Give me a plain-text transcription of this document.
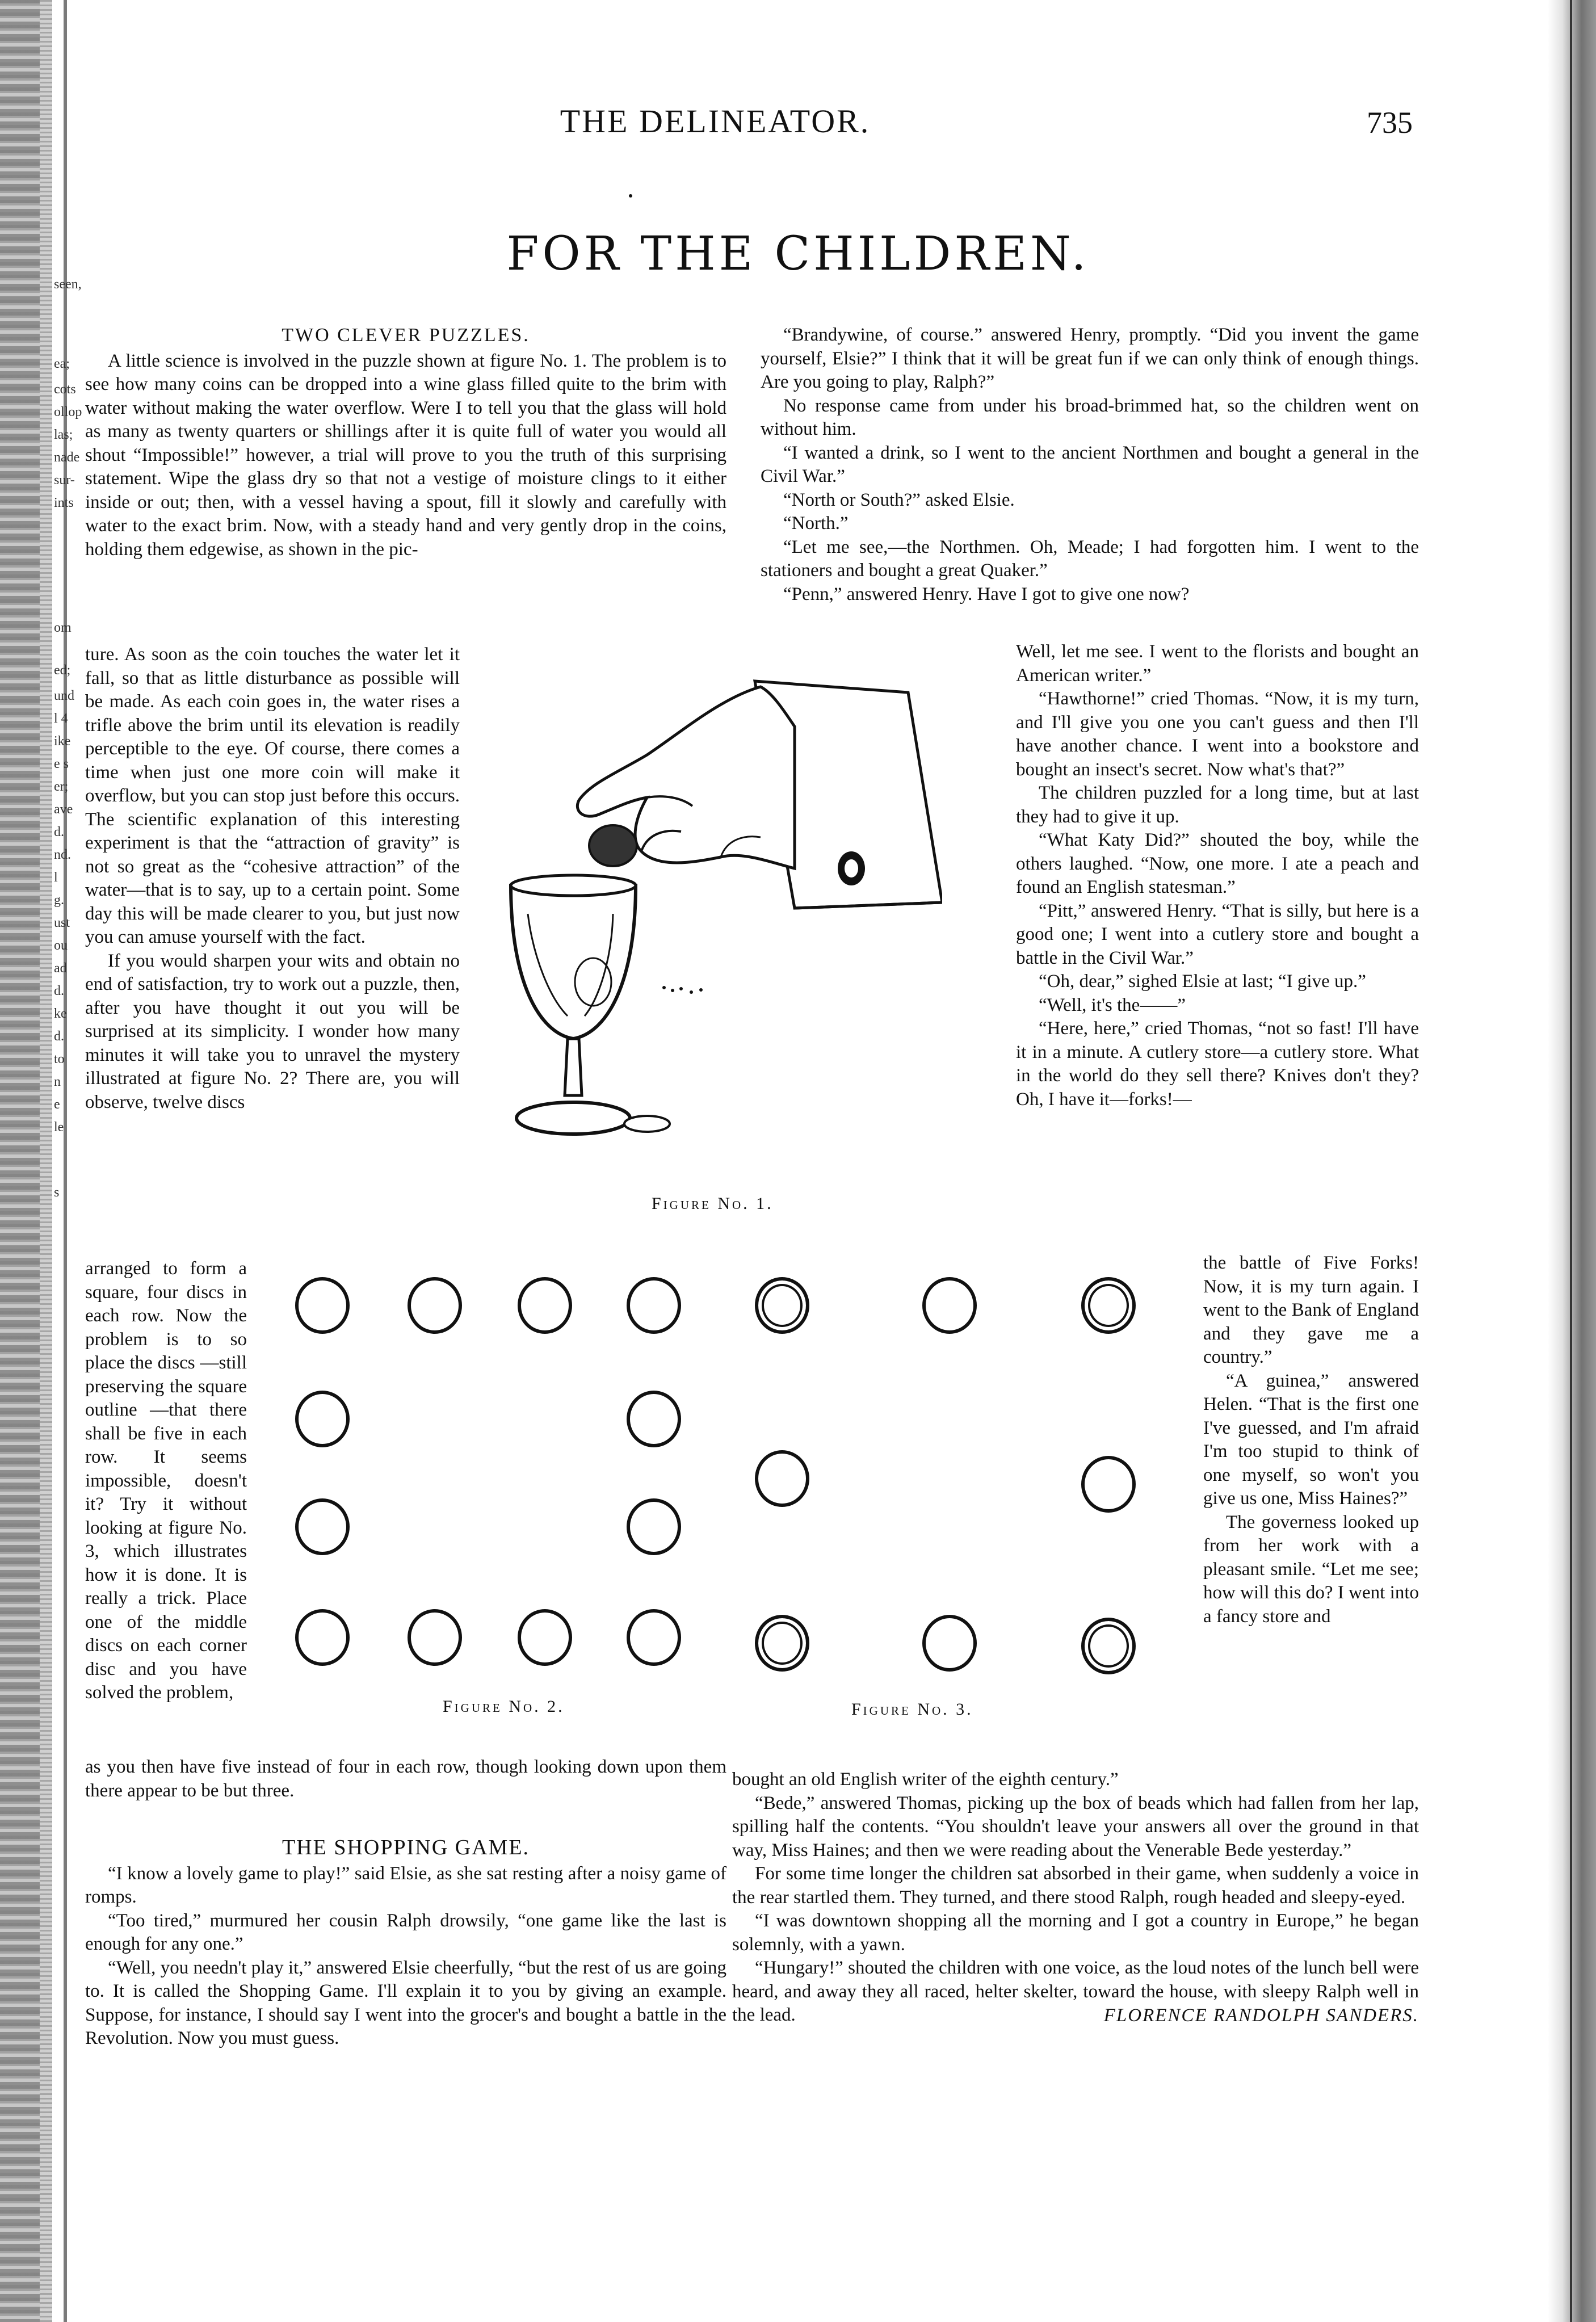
seen,
ea;
cots
ollop
las;
nade
sur-
ints
om
ed;
und
l 4
ike
e s
er;
ave
d.
nd.
l
g.
ust
ou
ad
d.
ke
d.
to
n
e
le
s
THE DELINEATOR.	735
FOR THE CHILDREN.
TWO CLEVER PUZZLES.

A little science is involved in the puzzle shown at figure No. 1. The problem is to see how many coins can be dropped into a wine glass filled quite to the brim with water without making the water overflow. Were I to tell you that the glass will hold as many as twenty quarters or shillings after it is quite full of water you would all shout “Impossible!” however, a trial will prove to you the truth of this surprising statement. Wipe the glass dry so that not a vestige of moisture clings to it either inside or out; then, with a vessel having a spout, fill it slowly and carefully with water to the exact brim. Now, with a steady hand and very gently drop in the coins, holding them edgewise, as shown in the pic-

ture. As soon as the coin touches the water let it fall, so that as little disturbance as possible will be made. As each coin goes in, the water rises a trifle above the brim until its elevation is readily perceptible to the eye. Of course, there comes a time when just one more coin will make it overflow, but you can stop just before this occurs. The scientific explanation of this interesting experiment is that the “attraction of gravity” is not so great as the “cohesive attraction” of the water—that is to say, up to a certain point. Some day this will be made clearer to you, but just now you can amuse yourself with the fact.

If you would sharpen your wits and obtain no end of satisfaction, try to work out a puzzle, then, after you have thought it out you will be surprised at its simplicity. I wonder how many minutes it will take you to unravel the mystery illustrated at figure No. 2? There are, you will observe, twelve discs

arranged to form a square, four discs in each row. Now the problem is to so place the discs —still preserving the square outline —that there shall be five in each row. It seems impossible, doesn't it? Try it without looking at figure No. 3, which illustrates how it is done. It is really a trick. Place one of the middle discs on each corner disc and you have solved the problem,

as you then have five instead of four in each row, though looking down upon them there appear to be but three.

Figure No. 1.
Figure No. 2.	Figure No. 3.
THE SHOPPING GAME.

“I know a lovely game to play!” said Elsie, as she sat resting after a noisy game of romps.

“Too tired,” murmured her cousin Ralph drowsily, “one game like the last is enough for any one.”

“Well, you needn't play it,” answered Elsie cheerfully, “but the rest of us are going to. It is called the Shopping Game. I'll explain it to you by giving an example. Suppose, for instance, I should say I went into the grocer's and bought a battle in the Revolution. Now you must guess.

“Brandywine, of course.” answered Henry, promptly. “Did you invent the game yourself, Elsie?” I think that it will be great fun if we can only think of enough things. Are you going to play, Ralph?”

No response came from under his broad-brimmed hat, so the children went on without him.

“I wanted a drink, so I went to the ancient Northmen and bought a general in the Civil War.”

“North or South?” asked Elsie.

“North.”

“Let me see,—the Northmen. Oh, Meade; I had forgotten him. I went to the stationers and bought a great Quaker.”

“Penn,” answered Henry. Have I got to give one now?

Well, let me see. I went to the florists and bought an American writer.”

“Hawthorne!” cried Thomas. “Now, it is my turn, and I'll give you one you can't guess and then I'll have another chance. I went into a bookstore and bought an insect's secret. Now what's that?”

The children puzzled for a long time, but at last they had to give it up.

“What Katy Did?” shouted the boy, while the others laughed. “Now, one more. I ate a peach and found an English statesman.”

“Pitt,” answered Henry. “That is silly, but here is a good one; I went into a cutlery store and bought a battle in the Civil War.”

“Oh, dear,” sighed Elsie at last; “I give up.”

“Well, it's the——”

“Here, here,” cried Thomas, “not so fast! I'll have it in a minute. A cutlery store—a cutlery store. What in the world do they sell there? Knives don't they? Oh, I have it—forks!—

the battle of Five Forks! Now, it is my turn again. I went to the Bank of England and they gave me a country.”

“A guinea,” answered Helen. “That is the first one I've guessed, and I'm afraid I'm too stupid to think of one myself, so won't you give us one, Miss Haines?”

The governess looked up from her work with a pleasant smile. “Let me see; how will this do? I went into a fancy store and

bought an old English writer of the eighth century.”

“Bede,” answered Thomas, picking up the box of beads which had fallen from her lap, spilling half the contents. “You shouldn't leave your answers all over the ground in that way, Miss Haines; and then we were reading about the Venerable Bede yesterday.”

For some time longer the children sat absorbed in their game, when suddenly a voice in the rear startled them. They turned, and there stood Ralph, rough headed and sleepy-eyed.

“I was downtown shopping all the morning and I got a country in Europe,” he began solemnly, with a yawn.

“Hungary!” shouted the children with one voice, as the loud notes of the lunch bell were heard, and away they all raced, helter skelter, toward the house, with sleepy Ralph well in the lead.	FLORENCE RANDOLPH SANDERS.
